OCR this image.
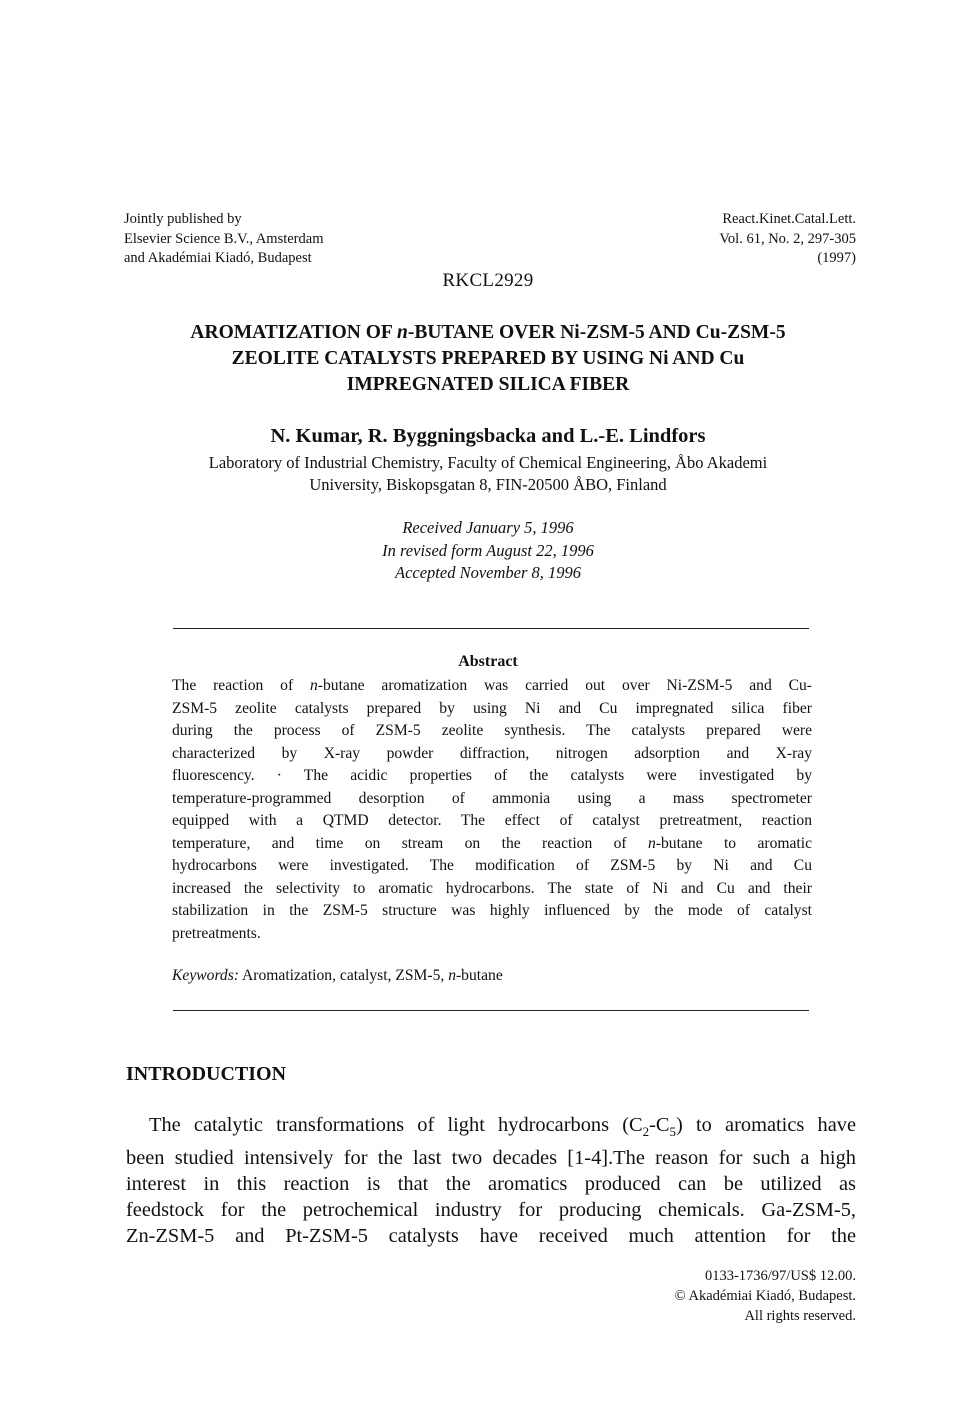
Jointly published by
Elsevier Science B.V., Amsterdam
and Akadémiai Kiadó, Budapest
React.Kinet.Catal.Lett.
Vol. 61, No. 2, 297-305
(1997)
RKCL2929
AROMATIZATION OF n-BUTANE OVER Ni-ZSM-5 AND Cu-ZSM-5
ZEOLITE CATALYSTS PREPARED BY USING Ni AND Cu
IMPREGNATED SILICA FIBER
N. Kumar, R. Byggningsbacka and L.-E. Lindfors
Laboratory of Industrial Chemistry, Faculty of Chemical Engineering, Åbo Akademi
University, Biskopsgatan 8, FIN-20500 ÅBO, Finland
Received January 5, 1996
In revised form August 22, 1996
Accepted November 8, 1996
Abstract
The reaction of n-butane aromatization was carried out over Ni-ZSM-5 and Cu-
ZSM-5 zeolite catalysts prepared by using Ni and Cu impregnated silica fiber
during the process of ZSM-5 zeolite synthesis. The catalysts prepared were
characterized by X-ray powder diffraction, nitrogen adsorption and X-ray
fluorescency. · The acidic properties of the catalysts were investigated by
temperature-programmed desorption of ammonia using a mass spectrometer
equipped with a QTMD detector. The effect of catalyst pretreatment, reaction
temperature, and time on stream on the reaction of n-butane to aromatic
hydrocarbons were investigated. The modification of ZSM-5 by Ni and Cu
increased the selectivity to aromatic hydrocarbons. The state of Ni and Cu and their
stabilization in the ZSM-5 structure was highly influenced by the mode of catalyst
pretreatments.
Keywords: Aromatization, catalyst, ZSM-5, n-butane
INTRODUCTION
The catalytic transformations of light hydrocarbons $(C_2-C_5)$ to aromatics have
been studied intensively for the last two decades [1-4].The reason for such a high
interest in this reaction is that the aromatics produced can be utilized as
feedstock for the petrochemical industry for producing chemicals. Ga-ZSM-5,
Zn-ZSM-5 and Pt-ZSM-5 catalysts have received much attention for the
0133-1736/97/US$ 12.00.
© Akadémiai Kiadó, Budapest.
All rights reserved.
